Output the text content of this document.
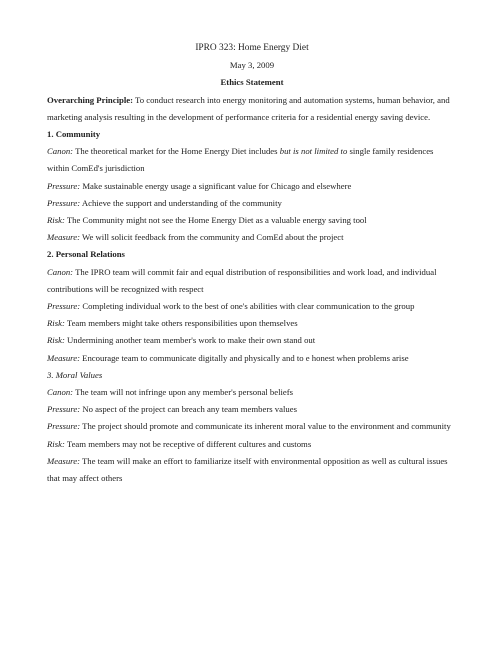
IPRO 323: Home Energy Diet

May 3, 2009

Ethics Statement

Overarching Principle: To conduct research into energy monitoring and automation systems, human behavior, and marketing analysis resulting in the development of performance criteria for a residential energy saving device.

1. Community

Canon: The theoretical market for the Home Energy Diet includes but is not limited to single family residences within ComEd's jurisdiction

Pressure: Make sustainable energy usage a significant value for Chicago and elsewhere

Pressure: Achieve the support and understanding of the community

Risk: The Community might not see the Home Energy Diet as a valuable energy saving tool

Measure: We will solicit feedback from the community and ComEd about the project

2. Personal Relations

Canon: The IPRO team will commit fair and equal distribution of responsibilities and work load, and individual contributions will be recognized with respect

Pressure: Completing individual work to the best of one's abilities with clear communication to the group

Risk: Team members might take others responsibilities upon themselves

Risk: Undermining another team member's work to make their own stand out

Measure: Encourage team to communicate digitally and physically and to e honest when problems arise

3. Moral Values

Canon: The team will not infringe upon any member's personal beliefs

Pressure: No aspect of the project can breach any team members values

Pressure: The project should promote and communicate its inherent moral value to the environment and community

Risk: Team members may not be receptive of different cultures and customs

Measure: The team will make an effort to familiarize itself with environmental opposition as well as cultural issues that may affect others
